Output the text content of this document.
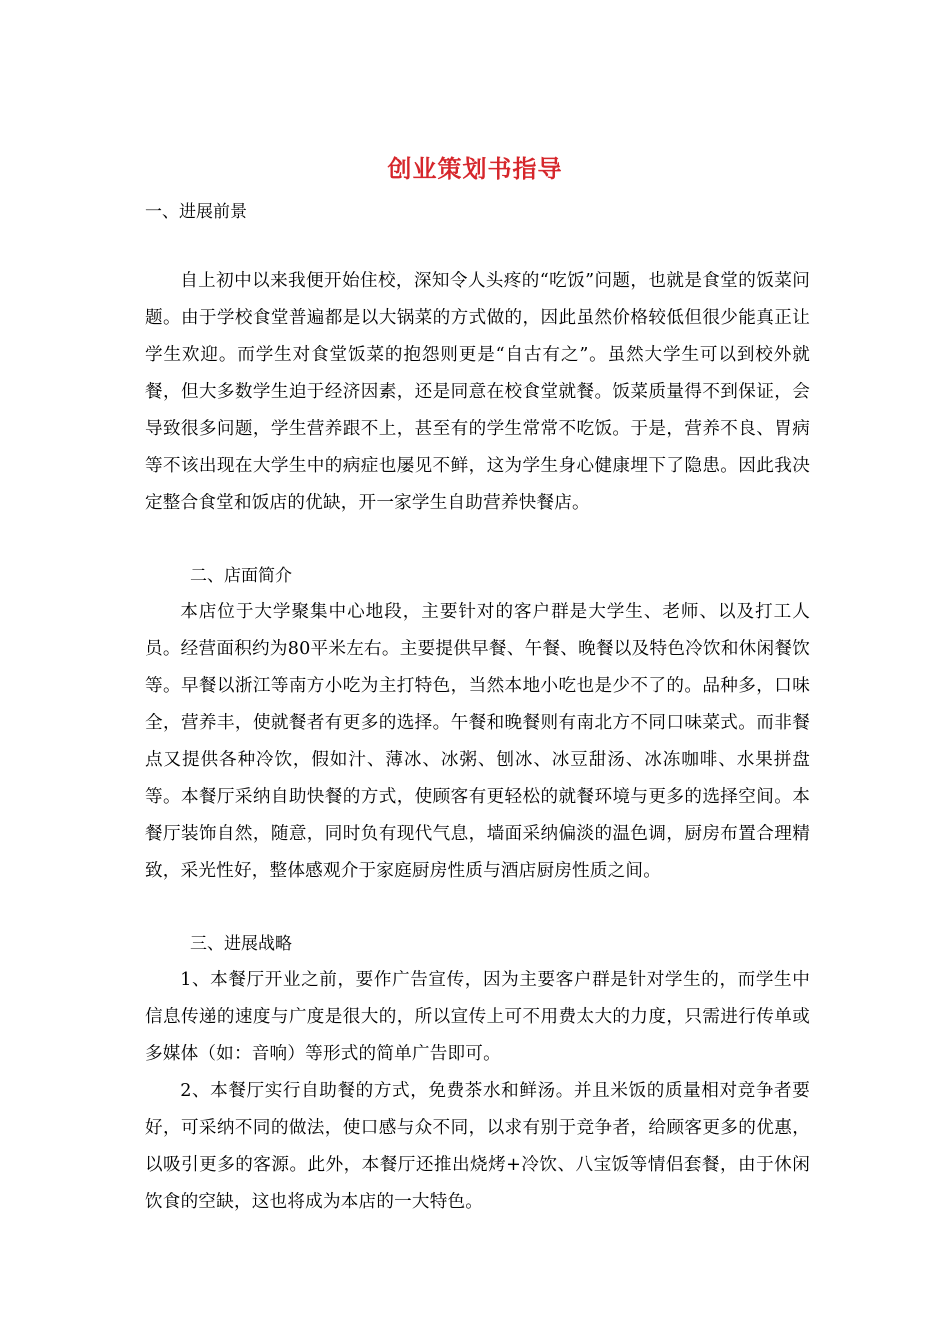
创业策划书指导
一、进展前景
自上初中以来我便开始住校，深知令人头疼的“吃饭”问题，也就是食堂的饭菜问题。由于学校食堂普遍都是以大锅菜的方式做的，因此虽然价格较低但很少能真正让学生欢迎。而学生对食堂饭菜的抱怨则更是“自古有之”。虽然大学生可以到校外就餐，但大多数学生迫于经济因素，还是同意在校食堂就餐。饭菜质量得不到保证，会导致很多问题，学生营养跟不上，甚至有的学生常常不吃饭。于是，营养不良、胃病等不该出现在大学生中的病症也屡见不鲜，这为学生身心健康埋下了隐患。因此我决定整合食堂和饭店的优缺，开一家学生自助营养快餐店。
二、店面简介
本店位于大学聚集中心地段，主要针对的客户群是大学生、老师、以及打工人员。经营面积约为80平米左右。主要提供早餐、午餐、晚餐以及特色冷饮和休闲餐饮等。早餐以浙江等南方小吃为主打特色，当然本地小吃也是少不了的。品种多，口味全，营养丰，使就餐者有更多的选择。午餐和晚餐则有南北方不同口味菜式。而非餐点又提供各种冷饮，假如汁、薄冰、冰粥、刨冰、冰豆甜汤、冰冻咖啡、水果拼盘等。本餐厅采纳自助快餐的方式，使顾客有更轻松的就餐环境与更多的选择空间。本餐厅装饰自然，随意，同时负有现代气息，墙面采纳偏淡的温色调，厨房布置合理精致，采光性好，整体感观介于家庭厨房性质与酒店厨房性质之间。
三、进展战略
1、本餐厅开业之前，要作广告宣传，因为主要客户群是针对学生的，而学生中信息传递的速度与广度是很大的，所以宣传上可不用费太大的力度，只需进行传单或多媒体（如：音响）等形式的简单广告即可。
2、本餐厅实行自助餐的方式，免费茶水和鲜汤。并且米饭的质量相对竞争者要好，可采纳不同的做法，使口感与众不同，以求有别于竞争者，给顾客更多的优惠，以吸引更多的客源。此外，本餐厅还推出烧烤+冷饮、八宝饭等情侣套餐，由于休闲饮食的空缺，这也将成为本店的一大特色。
